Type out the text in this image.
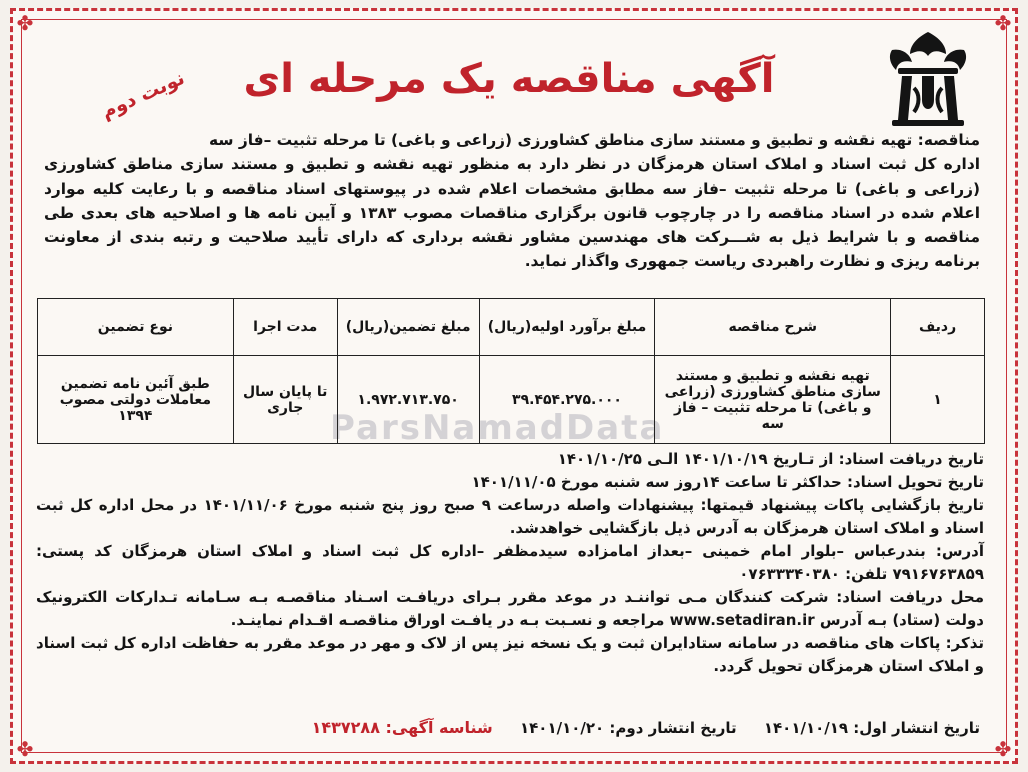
✤	✤
✤	✤
آگهی مناقصه یک مرحله ای
نوبت دوم

مناقصه: تهیه نقشه و تطبیق و مستند سازی مناطق کشاورزی (زراعی و باغی) تا مرحله تثبیت –فاز سه

اداره کل ثبت اسناد و املاک استان هرمزگان در نظر دارد به منظور تهیه نقشه و تطبیق و مستند سازی مناطق کشاورزی (زراعی و باغی) تا مرحله تثبیت –فاز سه مطابق مشخصات اعلام شده در پیوستهای اسناد مناقصه و با رعایت کلیه موارد اعلام شده در اسناد مناقصه را در چارچوب قانون برگزاری مناقصات مصوب ۱۳۸۳ و آیین نامه ها و اصلاحیه های بعدی طی مناقصه و با شرایط ذیل به شـــرکت های مهندسین مشاور نقشه برداری که دارای تأیید صلاحیت و رتبه بندی از معاونت برنامه ریزی و نظارت راهبردی ریاست جمهوری واگذار نماید.

ParsNamadData
ردیف	شرح مناقصه	مبلغ برآورد اولیه(ریال)	مبلغ تضمین(ریال)	مدت اجرا	نوع تضمین
۱	تهیه نقشه و تطبیق و مستند سازی مناطق کشاورزی (زراعی و باغی) تا مرحله تثبیت – فاز سه	۳۹.۴۵۴.۲۷۵.۰۰۰	۱.۹۷۲.۷۱۳.۷۵۰	تا پایان سال جاری	طبق آئین نامه تضمین معاملات دولتی مصوب ۱۳۹۴

تاریخ دریافت اسناد: از تـاریخ ۱۴۰۱/۱۰/۱۹ الـی ۱۴۰۱/۱۰/۲۵

تاریخ تحویل اسناد: حداکثر تا ساعت ۱۴روز سه شنبه مورخ ۱۴۰۱/۱۱/۰۵

تاریخ بازگشایی پاکات پیشنهاد قیمتها: پیشنهادات واصله درساعت ۹ صبح روز پنج شنبه مورخ ۱۴۰۱/۱۱/۰۶ در محل اداره کل ثبت اسناد و املاک استان هرمزگان به آدرس ذیل بازگشایی خواهدشد.

آدرس: بندرعباس –بلوار امام خمینی –بعداز امامزاده سیدمظفر –اداره کل ثبت اسناد و املاک استان هرمزگان کد پستی: ۷۹۱۶۷۶۳۸۵۹ تلفن: ۰۷۶۳۳۳۴۰۳۸۰

محل دریافت اسناد: شرکت کنندگان مـی تواننـد در موعد مقرر بـرای دریافـت اسـناد مناقصـه بـه سـامانه تـدارکات الکترونیک دولت (ستاد) بـه آدرس www.setadiran.ir مراجعه و نسـبت بـه در یافـت اوراق مناقصـه اقـدام نماینـد.

تذکر: پاکات های مناقصه در سامانه ستادایران ثبت و یک نسخه نیز پس از لاک و مهر در موعد مقرر به حفاظت اداره کل ثبت اسناد و املاک استان هرمزگان تحویل گردد.

تاریخ انتشار اول: ۱۴۰۱/۱۰/۱۹ تاریخ انتشار دوم: ۱۴۰۱/۱۰/۲۰ شناسه آگهی: ۱۴۳۷۲۸۸
